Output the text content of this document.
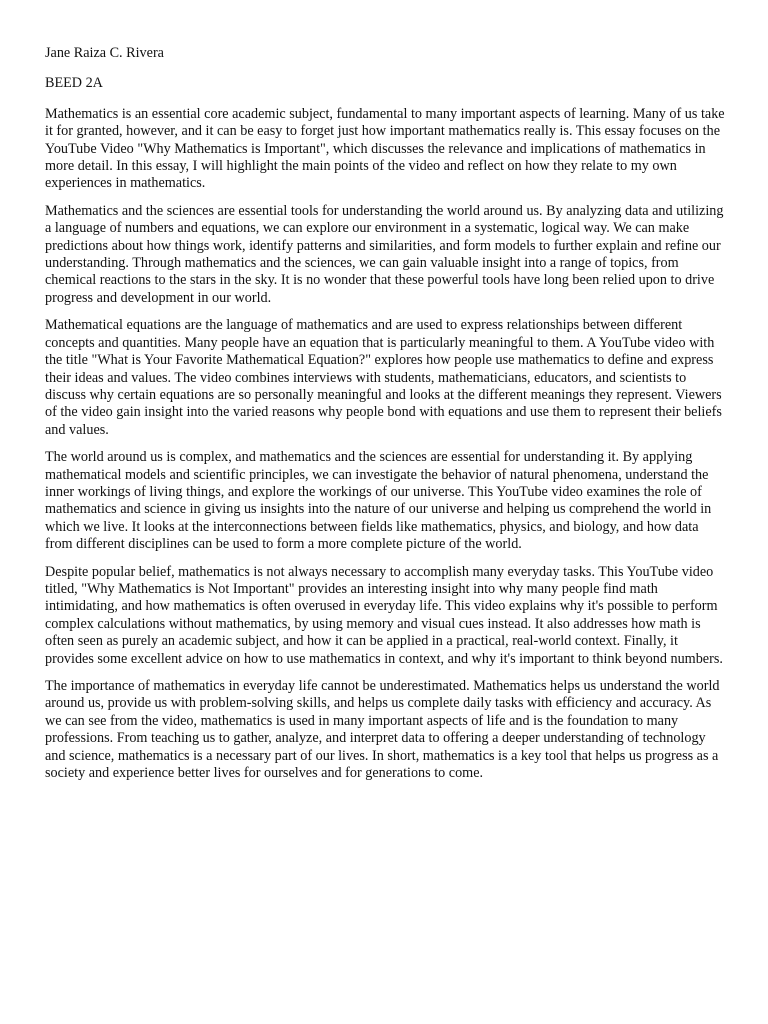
Jane Raiza C. Rivera
BEED 2A

Mathematics is an essential core academic subject, fundamental to many important aspects of learning. Many of us take it for granted, however, and it can be easy to forget just how important mathematics really is. This essay focuses on the YouTube Video "Why Mathematics is Important", which discusses the relevance and implications of mathematics in more detail. In this essay, I will highlight the main points of the video and reflect on how they relate to my own experiences in mathematics.

Mathematics and the sciences are essential tools for understanding the world around us. By analyzing data and utilizing a language of numbers and equations, we can explore our environment in a systematic, logical way. We can make predictions about how things work, identify patterns and similarities, and form models to further explain and refine our understanding. Through mathematics and the sciences, we can gain valuable insight into a range of topics, from chemical reactions to the stars in the sky. It is no wonder that these powerful tools have long been relied upon to drive progress and development in our world.

Mathematical equations are the language of mathematics and are used to express relationships between different concepts and quantities. Many people have an equation that is particularly meaningful to them. A YouTube video with the title "What is Your Favorite Mathematical Equation?" explores how people use mathematics to define and express their ideas and values. The video combines interviews with students, mathematicians, educators, and scientists to discuss why certain equations are so personally meaningful and looks at the different meanings they represent. Viewers of the video gain insight into the varied reasons why people bond with equations and use them to represent their beliefs and values.

The world around us is complex, and mathematics and the sciences are essential for understanding it. By applying mathematical models and scientific principles, we can investigate the behavior of natural phenomena, understand the inner workings of living things, and explore the workings of our universe. This YouTube video examines the role of mathematics and science in giving us insights into the nature of our universe and helping us comprehend the world in which we live. It looks at the interconnections between fields like mathematics, physics, and biology, and how data from different disciplines can be used to form a more complete picture of the world.

Despite popular belief, mathematics is not always necessary to accomplish many everyday tasks. This YouTube video titled, "Why Mathematics is Not Important" provides an interesting insight into why many people find math intimidating, and how mathematics is often overused in everyday life. This video explains why it's possible to perform complex calculations without mathematics, by using memory and visual cues instead. It also addresses how math is often seen as purely an academic subject, and how it can be applied in a practical, real-world context. Finally, it provides some excellent advice on how to use mathematics in context, and why it's important to think beyond numbers.

The importance of mathematics in everyday life cannot be underestimated. Mathematics helps us understand the world around us, provide us with problem-solving skills, and helps us complete daily tasks with efficiency and accuracy. As we can see from the video, mathematics is used in many important aspects of life and is the foundation to many professions. From teaching us to gather, analyze, and interpret data to offering a deeper understanding of technology and science, mathematics is a necessary part of our lives. In short, mathematics is a key tool that helps us progress as a society and experience better lives for ourselves and for generations to come.
